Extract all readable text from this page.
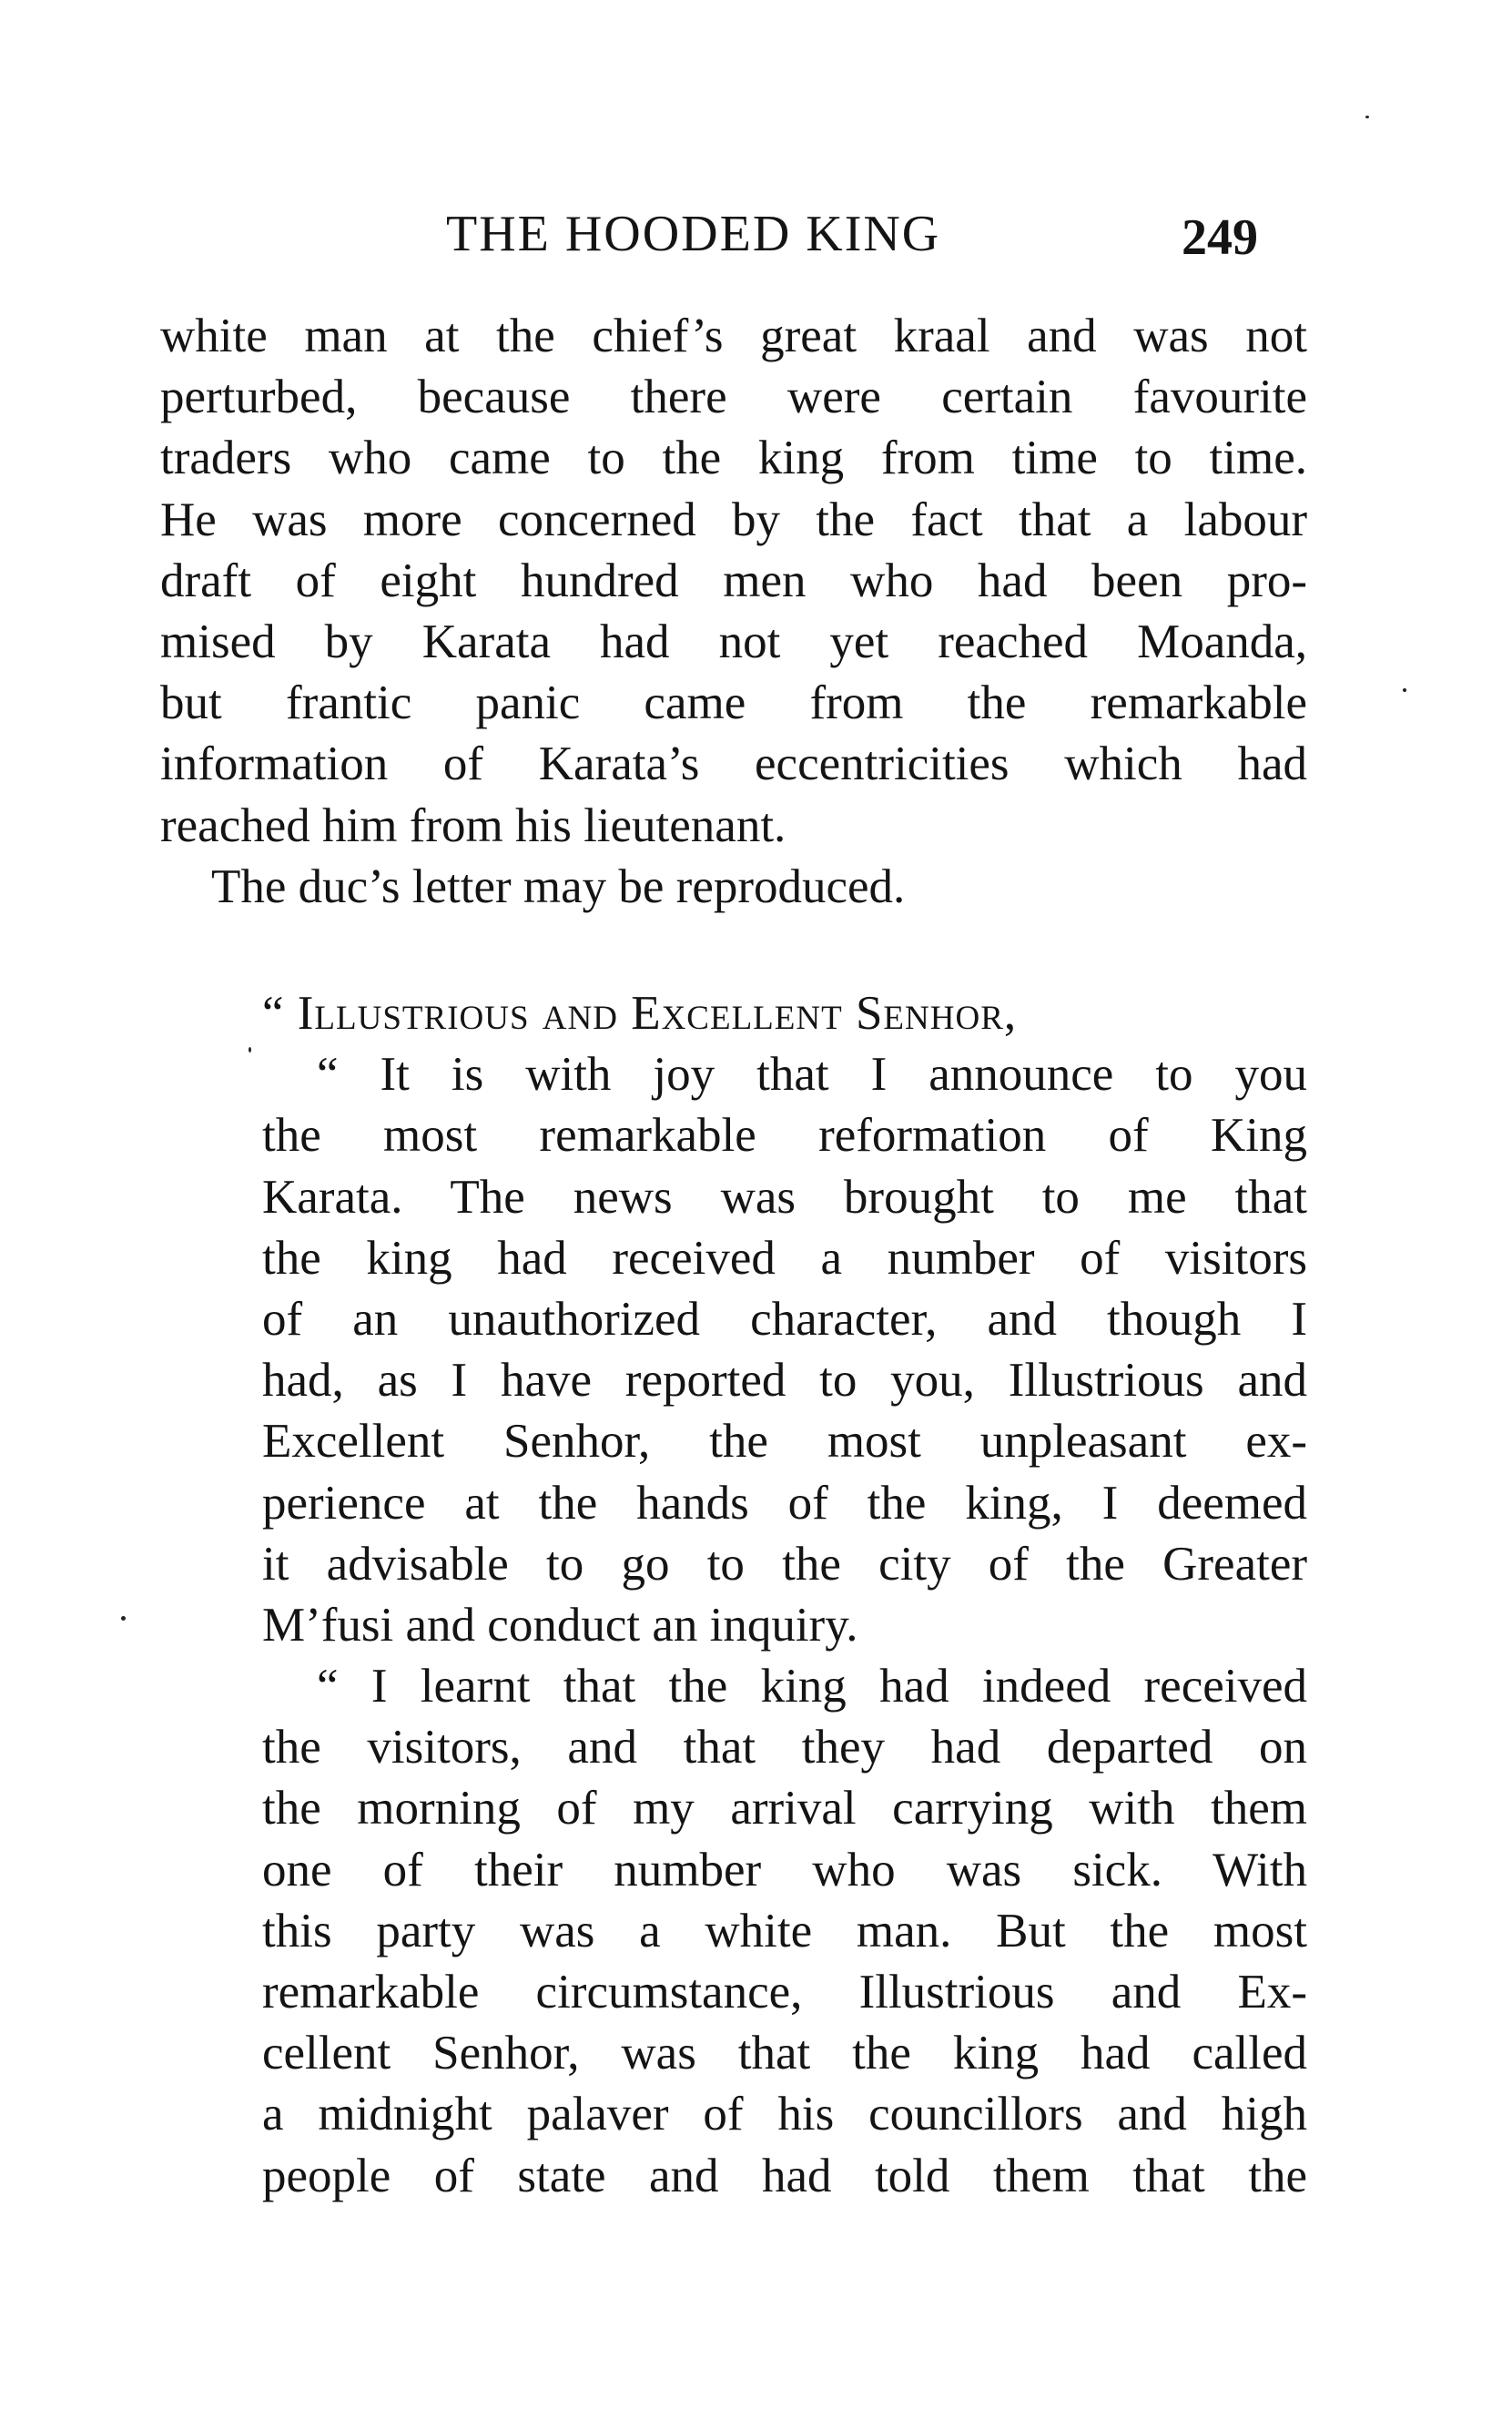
THE HOODED KING	249
white man at the chief’s great kraal and was not
perturbed, because there were certain favourite
traders who came to the king from time to time.
He was more concerned by the fact that a labour
draft of eight hundred men who had been pro-
mised by Karata had not yet reached Moanda,
but frantic panic came from the remarkable
information of Karata’s eccentricities which had
reached him from his lieutenant.
The duc’s letter may be reproduced.
“ Illustrious and Excellent Senhor,
“ It is with joy that I announce to you
the most remarkable reformation of King
Karata. The news was brought to me that
the king had received a number of visitors
of an unauthorized character, and though I
had, as I have reported to you, Illustrious and
Excellent Senhor, the most unpleasant ex-
perience at the hands of the king, I deemed
it advisable to go to the city of the Greater
M’fusi and conduct an inquiry.
“ I learnt that the king had indeed received
the visitors, and that they had departed on
the morning of my arrival carrying with them
one of their number who was sick. With
this party was a white man. But the most
remarkable circumstance, Illustrious and Ex-
cellent Senhor, was that the king had called
a midnight palaver of his councillors and high
people of state and had told them that the
